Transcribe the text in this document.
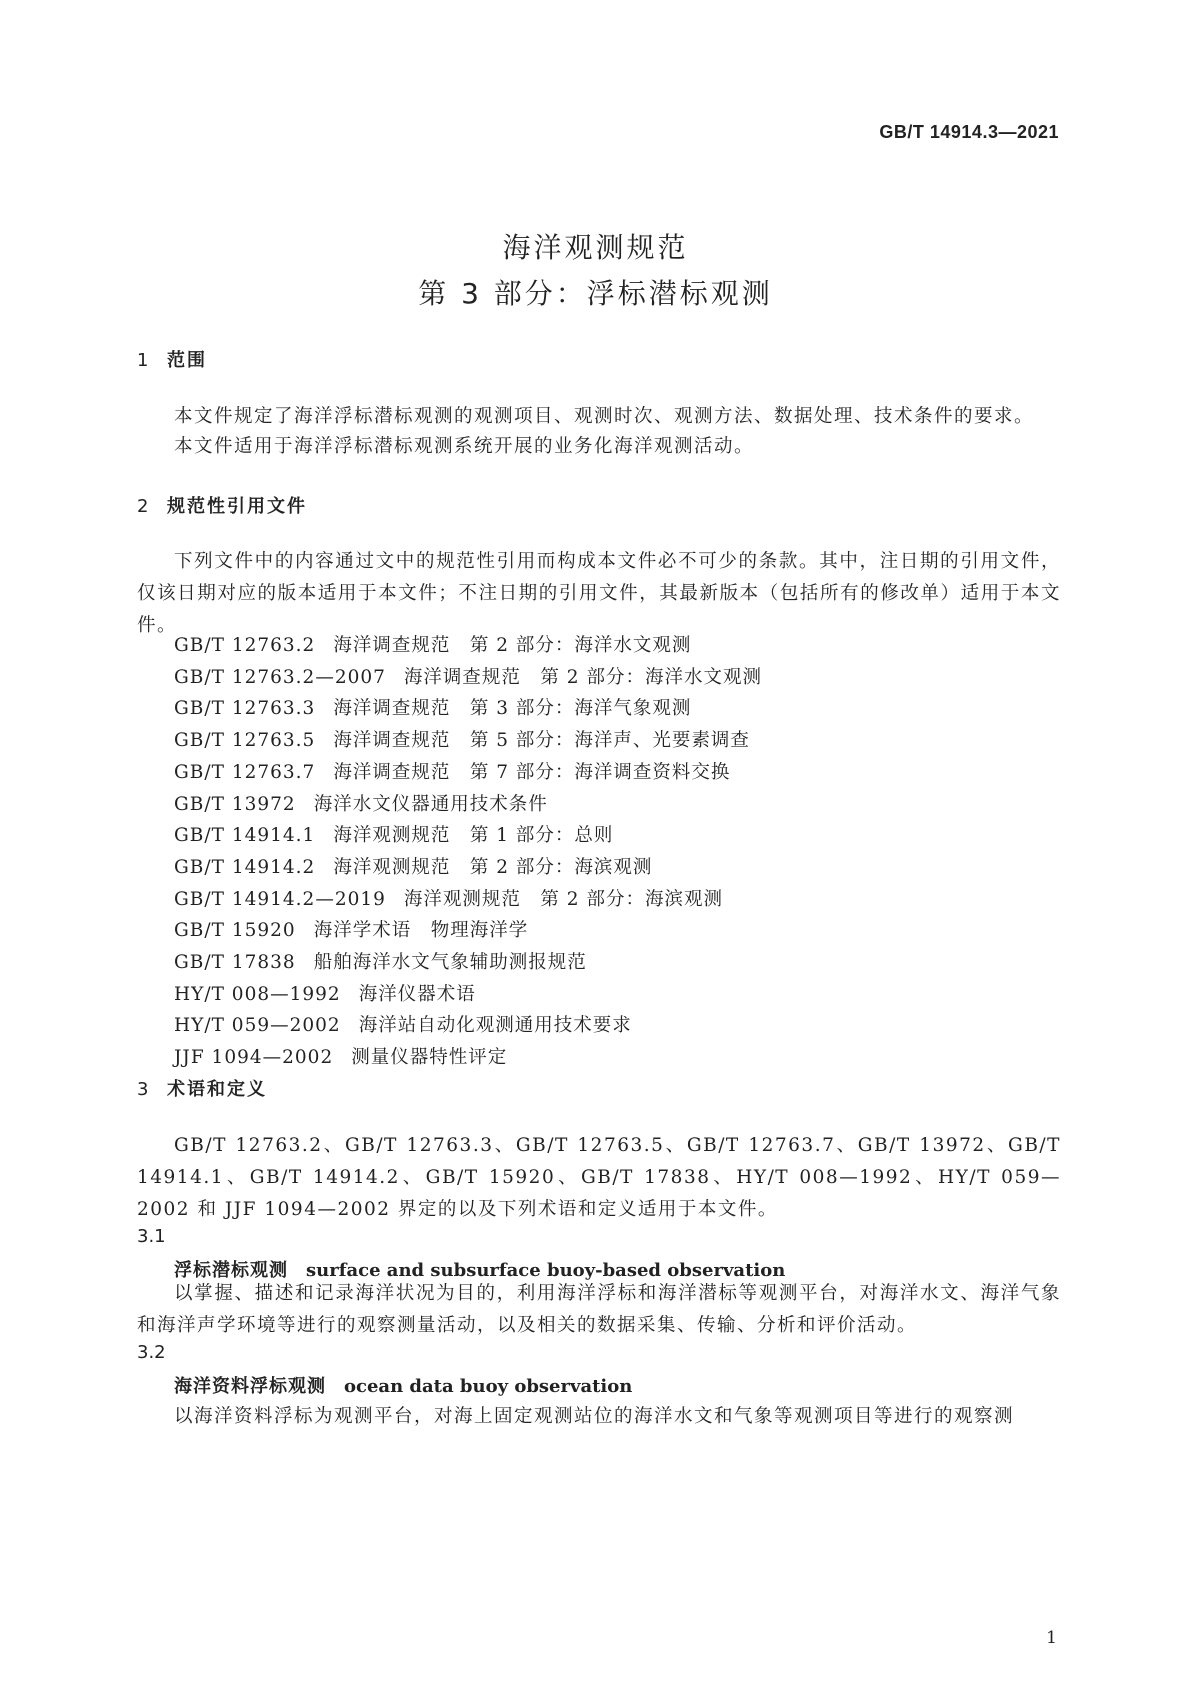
GB/T 14914.3—2021
海洋观测规范
第 3 部分：浮标潜标观测
1 范围
本文件规定了海洋浮标潜标观测的观测项目、观测时次、观测方法、数据处理、技术条件的要求。
本文件适用于海洋浮标潜标观测系统开展的业务化海洋观测活动。
2 规范性引用文件
下列文件中的内容通过文中的规范性引用而构成本文件必不可少的条款。其中，注日期的引用文件，仅该日期对应的版本适用于本文件；不注日期的引用文件，其最新版本（包括所有的修改单）适用于本文件。
GB/T 12763.2 海洋调查规范　第 2 部分：海洋水文观测
GB/T 12763.2—2007 海洋调查规范　第 2 部分：海洋水文观测
GB/T 12763.3 海洋调查规范　第 3 部分：海洋气象观测
GB/T 12763.5 海洋调查规范　第 5 部分：海洋声、光要素调查
GB/T 12763.7 海洋调查规范　第 7 部分：海洋调查资料交换
GB/T 13972 海洋水文仪器通用技术条件
GB/T 14914.1 海洋观测规范　第 1 部分：总则
GB/T 14914.2 海洋观测规范　第 2 部分：海滨观测
GB/T 14914.2—2019 海洋观测规范　第 2 部分：海滨观测
GB/T 15920 海洋学术语　物理海洋学
GB/T 17838 船舶海洋水文气象辅助测报规范
HY/T 008—1992 海洋仪器术语
HY/T 059—2002 海洋站自动化观测通用技术要求
JJF 1094—2002 测量仪器特性评定
3 术语和定义
GB/T 12763.2、GB/T 12763.3、GB/T 12763.5、GB/T 12763.7、GB/T 13972、GB/T 14914.1、GB/T 14914.2、GB/T 15920、GB/T 17838、HY/T 008—1992、HY/T 059—2002 和 JJF 1094—2002 界定的以及下列术语和定义适用于本文件。
3.1
浮标潜标观测 surface and subsurface buoy-based observation
以掌握、描述和记录海洋状况为目的，利用海洋浮标和海洋潜标等观测平台，对海洋水文、海洋气象和海洋声学环境等进行的观察测量活动，以及相关的数据采集、传输、分析和评价活动。
3.2
海洋资料浮标观测 ocean data buoy observation
以海洋资料浮标为观测平台，对海上固定观测站位的海洋水文和气象等观测项目等进行的观察测
1
